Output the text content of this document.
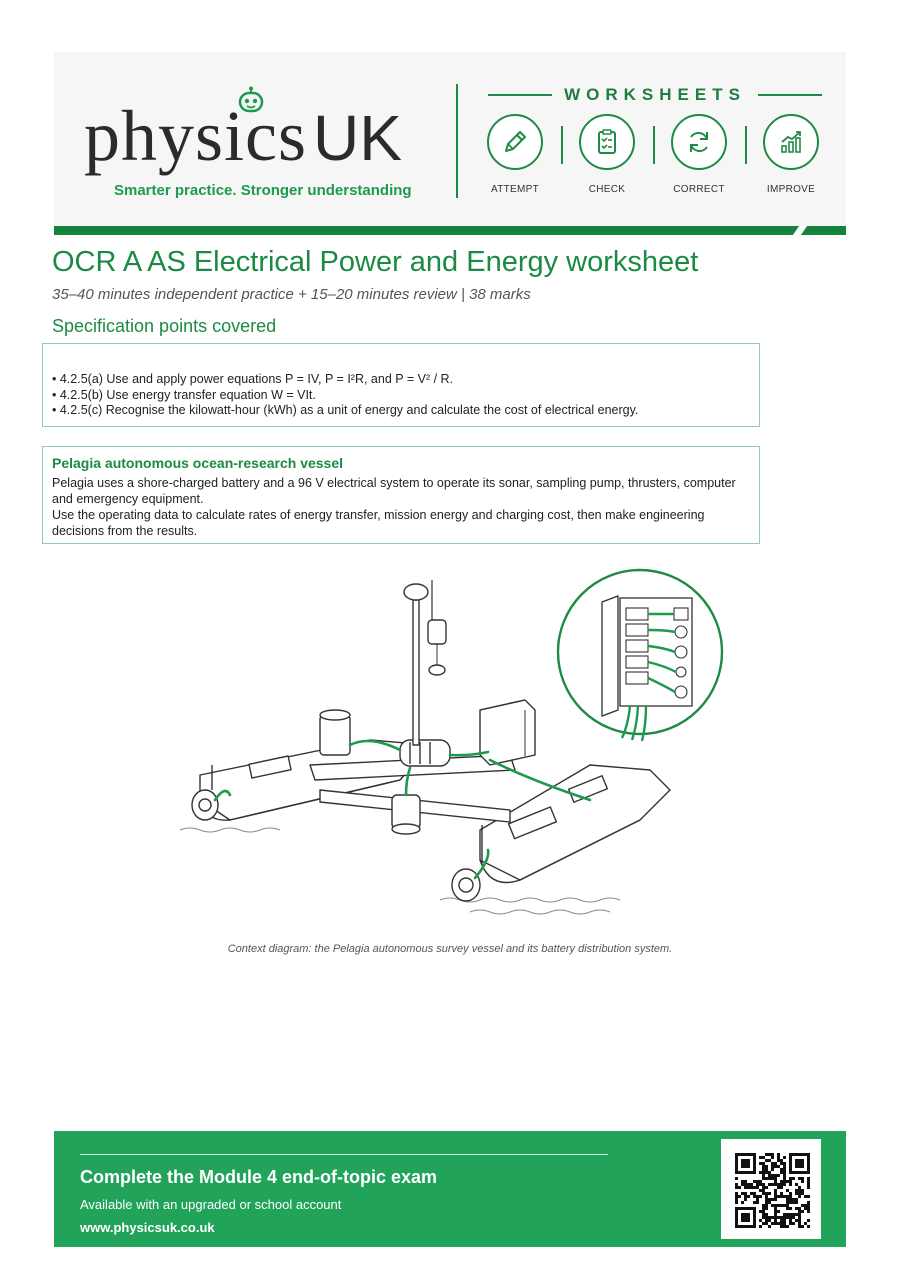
physicsUK
Smarter practice. Stronger understanding
WORKSHEETS
ATTEMPT	CHECK	CORRECT	IMPROVE
OCR A AS Electrical Power and Energy worksheet
35–40 minutes independent practice + 15–20 minutes review | 38 marks
Specification points covered
• 4.2.5(a) Use and apply power equations P = IV, P = I²R, and P = V² / R.
• 4.2.5(b) Use energy transfer equation W = VIt.
• 4.2.5(c) Recognise the kilowatt-hour (kWh) as a unit of energy and calculate the cost of electrical energy.
Pelagia autonomous ocean-research vessel
Pelagia uses a shore-charged battery and a 96 V electrical system to operate its sonar, sampling pump, thrusters, computer and emergency equipment.
Use the operating data to calculate rates of energy transfer, mission energy and charging cost, then make engineering decisions from the results.
Context diagram: the Pelagia autonomous survey vessel and its battery distribution system.
Complete the Module 4 end-of-topic exam
Available with an upgraded or school account
www.physicsuk.co.uk
